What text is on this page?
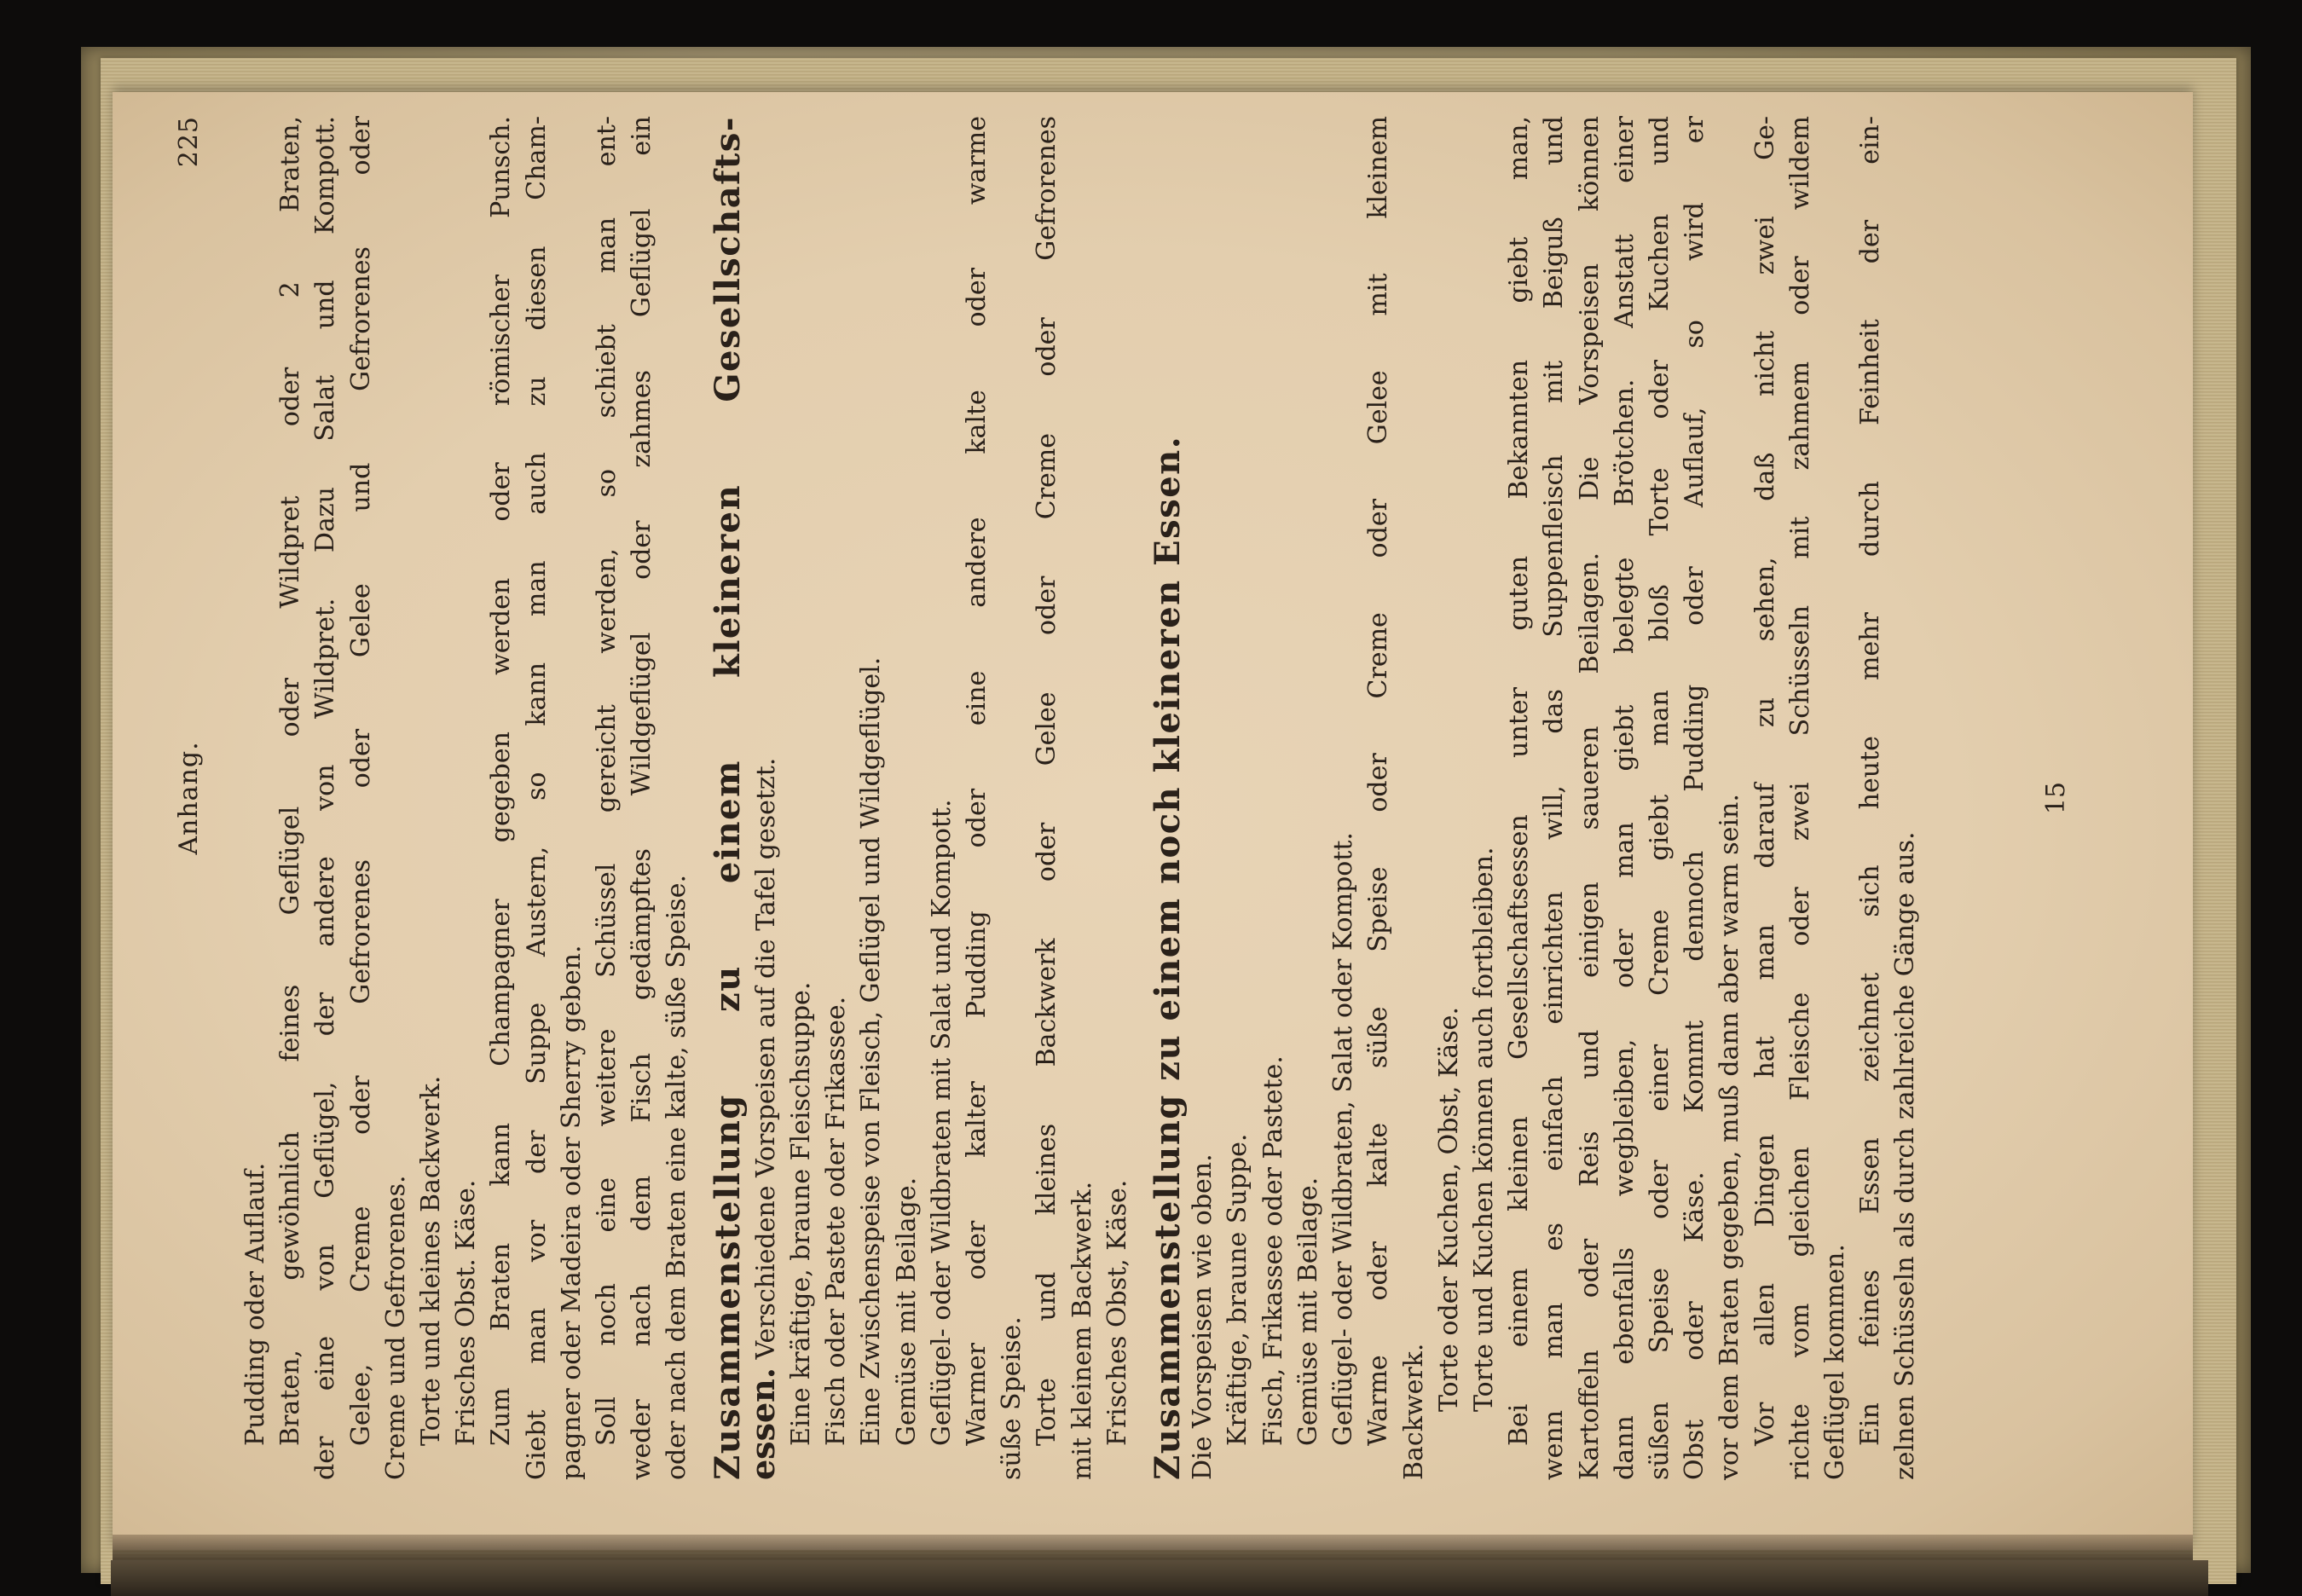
Anhang.
225
Pudding oder Auflauf. Braten, gewöhnlich feines Geflügel oder Wildpret oder 2 Braten, der eine von Geflügel, der andere von Wildpret. Dazu Salat und Kompott. Gelee, Creme oder Gefrorenes oder Gelee und Gefrorenes oder Creme und Gefrorenes. Torte und kleines Backwerk. Frisches Obst. Käse. Zum Braten kann Champagner gegeben werden oder römischer Punsch. Giebt man vor der Suppe Austern, so kann man auch zu diesen Cham- pagner oder Madeira oder Sherry geben. Soll noch eine weitere Schüssel gereicht werden, so schiebt man ent- weder nach dem Fisch gedämpftes Wildgeflügel oder zahmes Geflügel ein oder nach dem Braten eine kalte, süße Speise. Zusammenstellung zu einem kleineren Gesellschafts-
essen. Verschiedene Vorspeisen auf die Tafel gesetzt. Eine kräftige, braune Fleischsuppe. Fisch oder Pastete oder Frikassee. Eine Zwischenspeise von Fleisch, Geflügel und Wildgeflügel. Gemüse mit Beilage. Geflügel- oder Wildbraten mit Salat und Kompott. Warmer oder kalter Pudding oder eine andere kalte oder warme süße Speise. Torte und kleines Backwerk oder Gelee oder Creme oder Gefrorenes mit kleinem Backwerk. Frisches Obst, Käse. Zusammenstellung zu einem noch kleineren Essen. Die Vorspeisen wie oben. Kräftige, braune Suppe. Fisch, Frikassee oder Pastete. Gemüse mit Beilage. Geflügel- oder Wildbraten, Salat oder Kompott. Warme oder kalte süße Speise oder Creme oder Gelee mit kleinem Backwerk. Torte oder Kuchen, Obst, Käse. Torte und Kuchen können auch fortbleiben. Bei einem kleinen Gesellschaftsessen unter guten Bekannten giebt man, wenn man es einfach einrichten will, das Suppenfleisch mit Beiguß und Kartoffeln oder Reis und einigen saueren Beilagen. Die Vorspeisen können dann ebenfalls wegbleiben, oder man giebt belegte Brötchen. Anstatt einer süßen Speise oder einer Creme giebt man bloß Torte oder Kuchen und Obst oder Käse. Kommt dennoch Pudding oder Auflauf, so wird er vor dem Braten gegeben, muß dann aber warm sein. Vor allen Dingen hat man darauf zu sehen, daß nicht zwei Ge- richte vom gleichen Fleische oder zwei Schüsseln mit zahmem oder wildem Geflügel kommen. Ein feines Essen zeichnet sich heute mehr durch Feinheit der ein- zelnen Schüsseln als durch zahlreiche Gänge aus.
15
